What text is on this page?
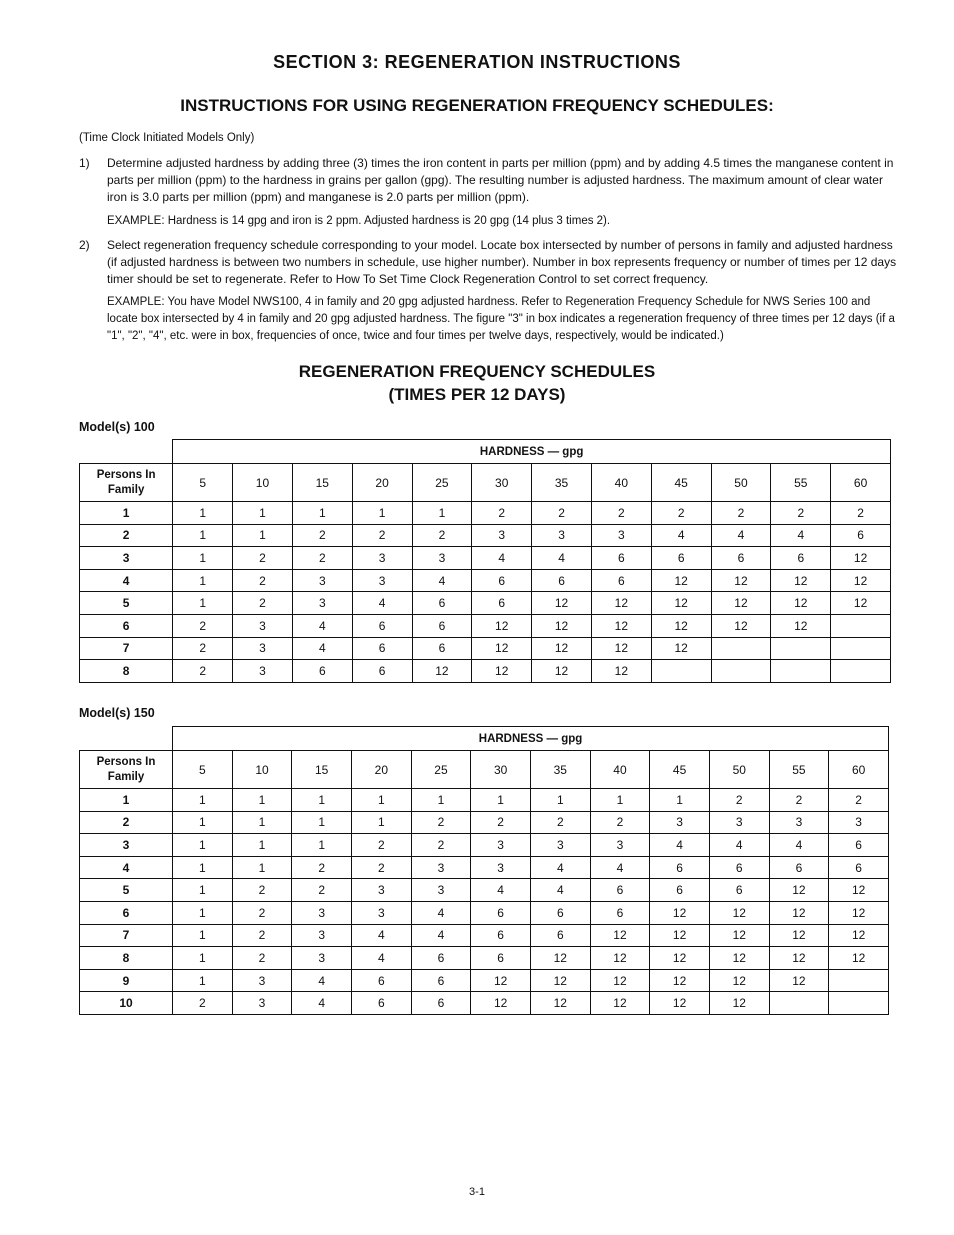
SECTION 3: REGENERATION INSTRUCTIONS
INSTRUCTIONS FOR USING REGENERATION FREQUENCY SCHEDULES:
(Time Clock Initiated Models Only)
1) Determine adjusted hardness by adding three (3) times the iron content in parts per million (ppm) and by adding 4.5 times the manganese content in parts per million (ppm) to the hardness in grains per gallon (gpg). The resulting number is adjusted hardness. The maximum amount of clear water iron is 3.0 parts per million (ppm) and manganese is 2.0 parts per million (ppm).
EXAMPLE: Hardness is 14 gpg and iron is 2 ppm. Adjusted hardness is 20 gpg (14 plus 3 times 2).
2) Select regeneration frequency schedule corresponding to your model. Locate box intersected by number of persons in family and adjusted hardness (if adjusted hardness is between two numbers in schedule, use higher number). Number in box represents frequency or number of times per 12 days timer should be set to regenerate. Refer to How To Set Time Clock Regeneration Control to set correct frequency.
EXAMPLE: You have Model NWS100, 4 in family and 20 gpg adjusted hardness. Refer to Regeneration Frequency Schedule for NWS Series 100 and locate box intersected by 4 in family and 20 gpg adjusted hardness. The figure "3" in box indicates a regeneration frequency of three times per 12 days (if a "1", "2", "4", etc. were in box, frequencies of once, twice and four times per twelve days, respectively, would be indicated.)
REGENERATION FREQUENCY SCHEDULES
(TIMES PER 12 DAYS)
Model(s) 100
	HARDNESS — gpg											

Persons In
Family	5	10	15	20	25	30	35	40	45	50	55	60
1	1	1	1	1	1	2	2	2	2	2	2	2
2	1	1	2	2	2	3	3	3	4	4	4	6
3	1	2	2	3	3	4	4	6	6	6	6	12
4	1	2	3	3	4	6	6	6	12	12	12	12
5	1	2	3	4	6	6	12	12	12	12	12	12
6	2	3	4	6	6	12	12	12	12	12	12	
7	2	3	4	6	6	12	12	12	12			
8	2	3	6	6	12	12	12	12				
Model(s) 150
	HARDNESS — gpg											

Persons In
Family	5	10	15	20	25	30	35	40	45	50	55	60
1	1	1	1	1	1	1	1	1	1	2	2	2
2	1	1	1	1	2	2	2	2	3	3	3	3
3	1	1	1	2	2	3	3	3	4	4	4	6
4	1	1	2	2	3	3	4	4	6	6	6	6
5	1	2	2	3	3	4	4	6	6	6	12	12
6	1	2	3	3	4	6	6	6	12	12	12	12
7	1	2	3	4	4	6	6	12	12	12	12	12
8	1	2	3	4	6	6	12	12	12	12	12	12
9	1	3	4	6	6	12	12	12	12	12	12	
10	2	3	4	6	6	12	12	12	12	12		
3-1
